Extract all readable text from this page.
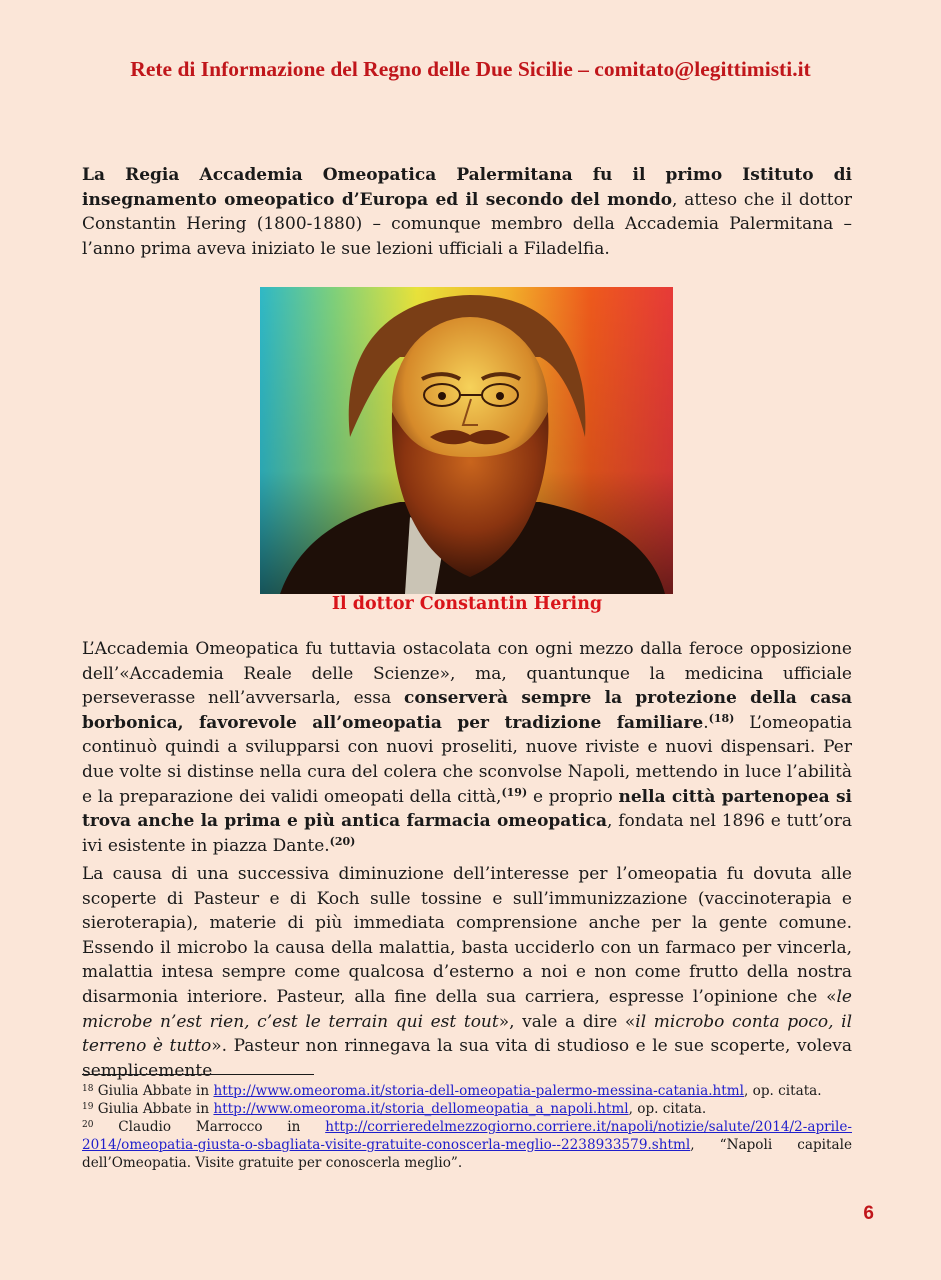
Rete di Informazione del Regno delle Due Sicilie – comitato@legittimisti.it
La Regia Accademia Omeopatica Palermitana fu il primo Istituto di insegnamento omeopatico d’Europa ed il secondo del mondo, atteso che il dottor Constantin Hering (1800-1880) – comunque membro della Accademia Palermitana – l’anno prima aveva iniziato le sue lezioni ufficiali a Filadelfia.
Il dottor Constantin Hering
L’Accademia Omeopatica fu tuttavia ostacolata con ogni mezzo dalla feroce opposizione dell’«Accademia Reale delle Scienze», ma, quantunque la medicina ufficiale perseverasse nell’avversarla, essa conserverà sempre la protezione della casa borbonica, favorevole all’omeopatia per tradizione familiare.$^{(18)}$ L’omeopatia continuò quindi a svilupparsi con nuovi proseliti, nuove riviste e nuovi dispensari. Per due volte si distinse nella cura del colera che sconvolse Napoli, mettendo in luce l’abilità e la preparazione dei validi omeopati della città,$^{(19)}$ e proprio nella città partenopea si trova anche la prima e più antica farmacia omeopatica, fondata nel 1896 e tutt’ora ivi esistente in piazza Dante.$^{(20)}$
La causa di una successiva diminuzione dell’interesse per l’omeopatia fu dovuta alle scoperte di Pasteur e di Koch sulle tossine e sull’immunizzazione (vaccinoterapia e sieroterapia), materie di più immediata comprensione anche per la gente comune. Essendo il microbo la causa della malattia, basta ucciderlo con un farmaco per vincerla, malattia intesa sempre come qualcosa d’esterno a noi e non come frutto della nostra disarmonia interiore. Pasteur, alla fine della sua carriera, espresse l’opinione che «le microbe n’est rien, c’est le terrain qui est tout», vale a dire «il microbo conta poco, il terreno è tutto». Pasteur non rinnegava la sua vita di studioso e le sue scoperte, voleva semplicemente
$^{18}$ Giulia Abbate in http://www.omeoroma.it/storia-dell-omeopatia-palermo-messina-catania.html, op. citata.
$^{19}$ Giulia Abbate in http://www.omeoroma.it/storia_dellomeopatia_a_napoli.html, op. citata.
$^{20}$ Claudio Marrocco in http://corrieredelmezzogiorno.corriere.it/napoli/notizie/salute/2014/2-aprile-2014/omeopatia-giusta-o-sbagliata-visite-gratuite-conoscerla-meglio--2238933579.shtml, “Napoli capitale dell’Omeopatia. Visite gratuite per conoscerla meglio”.
6
